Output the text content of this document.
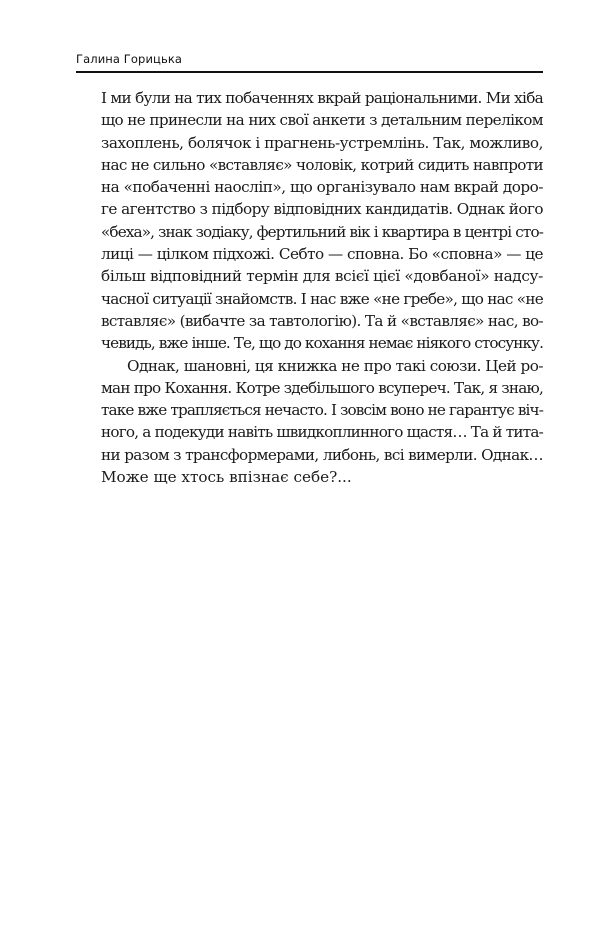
Галина Горицька
І ми були на тих побаченнях вкрай раціональними. Ми хіба
що не принесли на них свої анкети з детальним переліком
захоплень, болячок і прагнень-устремлінь. Так, можливо,
нас не сильно «вставляє» чоловік, котрий сидить навпроти
на «побаченні наосліп», що організувало нам вкрай доро-
ге агентство з підбору відповідних кандидатів. Однак його
«беха», знак зодіаку, фертильний вік і квартира в центрі сто-
лиці — цілком підхожі. Себто — сповна. Бо «сповна» — це
більш відповідний термін для всієї цієї «довбаної» надсу-
часної ситуації знайомств. І нас вже «не гребе», що нас «не
вставляє» (вибачте за тавтологію). Та й «вставляє» нас, во-
чевидь, вже інше. Те, що до кохання немає ніякого стосунку.
Однак, шановні, ця книжка не про такі союзи. Цей ро-
ман про Кохання. Котре здебільшого всупереч. Так, я знаю,
таке вже трапляється нечасто. І зовсім воно не гарантує віч-
ного, а подекуди навіть швидкоплинного щастя… Та й тита-
ни разом з трансформерами, либонь, всі вимерли. Однак…
Може ще хтось впізнає себе?...
